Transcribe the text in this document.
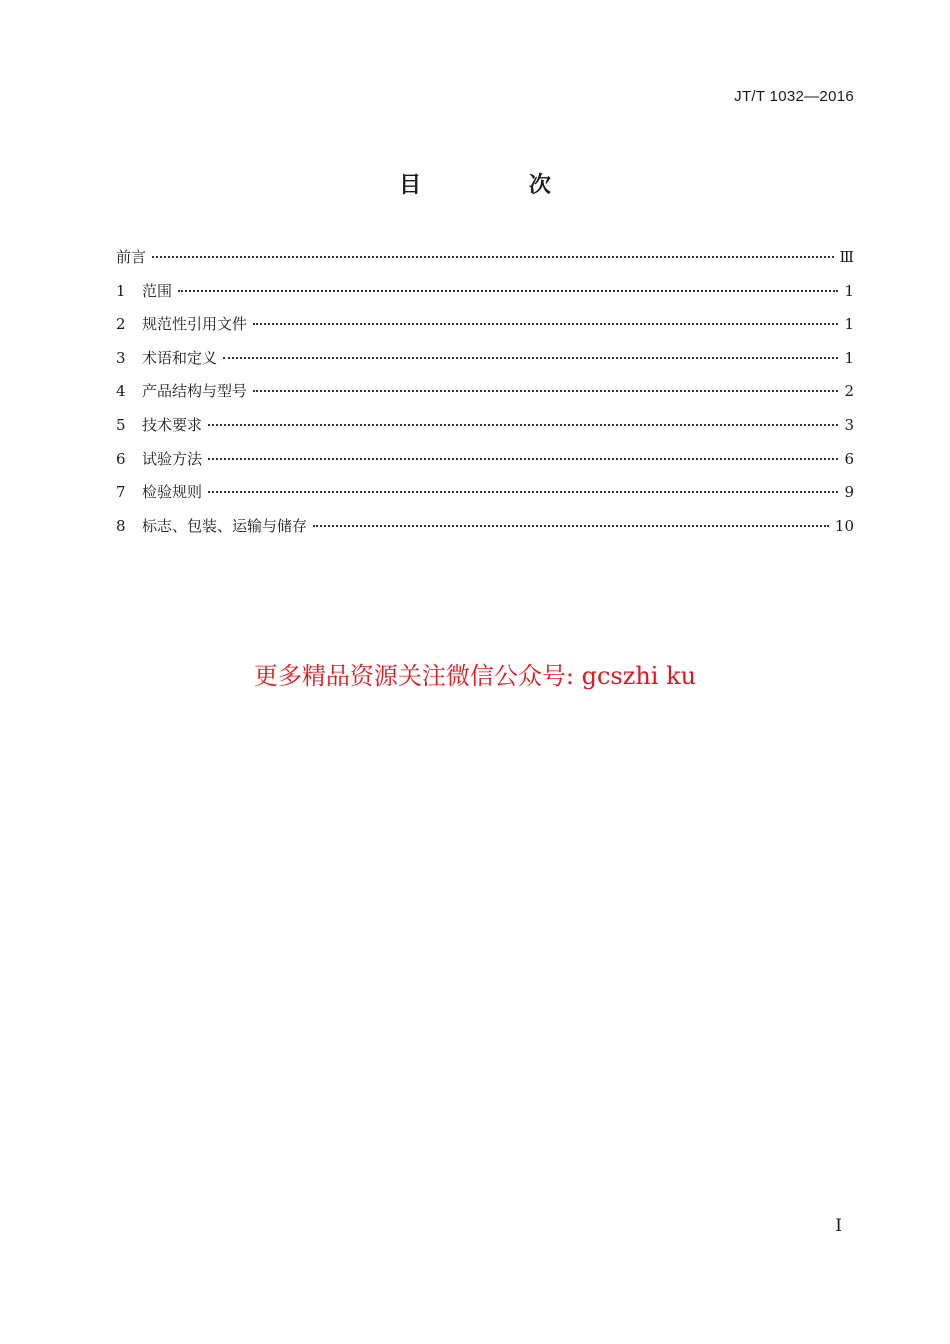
JT/T 1032—2016
目 次
前言	Ⅲ
1	范围	1
2	规范性引用文件	1
3	术语和定义	1
4	产品结构与型号	2
5	技术要求	3
6	试验方法	6
7	检验规则	9
8	标志、包装、运输与储存	10
更多精品资源关注微信公众号: gcszhi ku
Ⅰ
